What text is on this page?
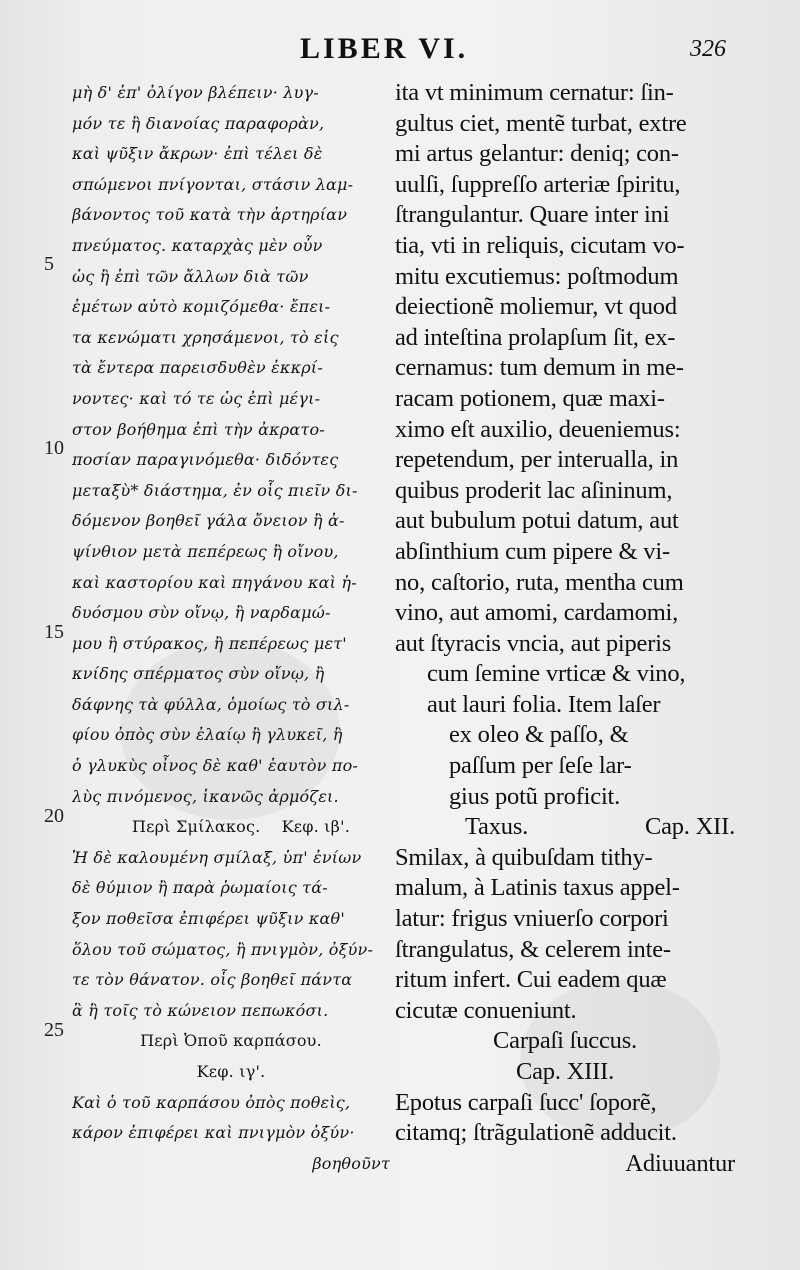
LIBER VI.	326
5
10
15
20
25
μὴ δ' ἐπ' ὀλίγον βλέπειν· λυγ-
μόν τε ἢ διανοίας παραφορὰν,
καὶ ψῦξιν ἄκρων· ἐπὶ τέλει δὲ
σπώμενοι πνίγονται, στάσιν λαμ-
βάνοντος τοῦ κατὰ τὴν ἀρτηρίαν
πνεύματος. καταρχὰς μὲν οὖν
ὡς ἢ ἐπὶ τῶν ἄλλων διὰ τῶν
ἐμέτων αὐτὸ κομιζόμεθα· ἔπει-
τα κενώματι χρησάμενοι, τὸ εἰς
τὰ ἔντερα παρεισδυθὲν ἐκκρί-
νοντες· καὶ τό τε ὡς ἐπὶ μέγι-
στον βοήθημα ἐπὶ τὴν ἀκρατο-
ποσίαν παραγινόμεθα· διδόντες
μεταξὺ* διάστημα, ἐν οἷς πιεῖν δι-
δόμενον βοηθεῖ γάλα ὄνειον ἢ ἀ-
ψίνθιον μετὰ πεπέρεως ἢ οἴνου,
καὶ καστορίου καὶ πηγάνου καὶ ἡ-
δυόσμου σὺν οἴνῳ, ἢ ναρδαμώ-
μου ἢ στύρακος, ἢ πεπέρεως μετ'
κνίδης σπέρματος σὺν οἴνῳ, ἢ
δάφνης τὰ φύλλα, ὁμοίως τὸ σιλ-
φίου ὀπὸς σὺν ἐλαίῳ ἢ γλυκεῖ, ἢ
ὁ γλυκὺς οἶνος δὲ καθ' ἑαυτὸν πο-
λὺς πινόμενος, ἱκανῶς ἀρμόζει.
Περὶ Σμίλακος. Κεφ. ιβ'.
Ἡ δὲ καλουμένη σμίλαξ, ὑπ' ἐνίων
δὲ θύμιον ἢ παρὰ ῥωμαίοις τά-
ξον ποθεῖσα ἐπιφέρει ψῦξιν καθ'
ὅλου τοῦ σώματος, ἢ πνιγμὸν, ὀξύν-
τε τὸν θάνατον. οἷς βοηθεῖ πάντα
ἃ ἢ τοῖς τὸ κώνειον πεπωκόσι.
Περὶ Ὀποῦ καρπάσου.
Κεφ. ιγ'.
Καὶ ὁ τοῦ καρπάσου ὀπὸς ποθεὶς,
κάρον ἐπιφέρει καὶ πνιγμὸν ὀξύν·
βοηθοῦντ
ita vt minimum cernatur: ſin-
gultus ciet, mentẽ turbat, extre
mi artus gelantur: deniq; con-
uulſi, ſuppreſſo arteriæ ſpiritu,
ſtrangulantur. Quare inter ini
tia, vti in reliquis, cicutam vo-
mitu excutiemus: poſtmodum
deiectionẽ moliemur, vt quod
ad inteſtina prolapſum ſit, ex-
cernamus: tum demum in me-
racam potionem, quæ maxi-
ximo eſt auxilio, deueniemus:
repetendum, per interualla, in
quibus proderit lac aſininum,
aut bubulum potui datum, aut
abſinthium cum pipere & vi-
no, caſtorio, ruta, mentha cum
vino, aut amomi, cardamomi,
aut ſtyracis vncia, aut piperis
cum ſemine vrticæ & vino,
aut lauri folia. Item laſer
ex oleo & paſſo, &
paſſum per ſeſe lar-
gius potũ proficit.
Taxus.	Cap. XII.
Smilax, à quibuſdam tithy-
malum, à Latinis taxus appel-
latur: frigus vniuerſo corpori
ſtrangulatus, & celerem inte-
ritum infert. Cui eadem quæ
cicutæ conueniunt.
Carpaſi ſuccus.
Cap. XIII.
Epotus carpaſi ſucc' ſoporẽ,
citamq; ſtrãgulationẽ adducit.
Adiuuantur
